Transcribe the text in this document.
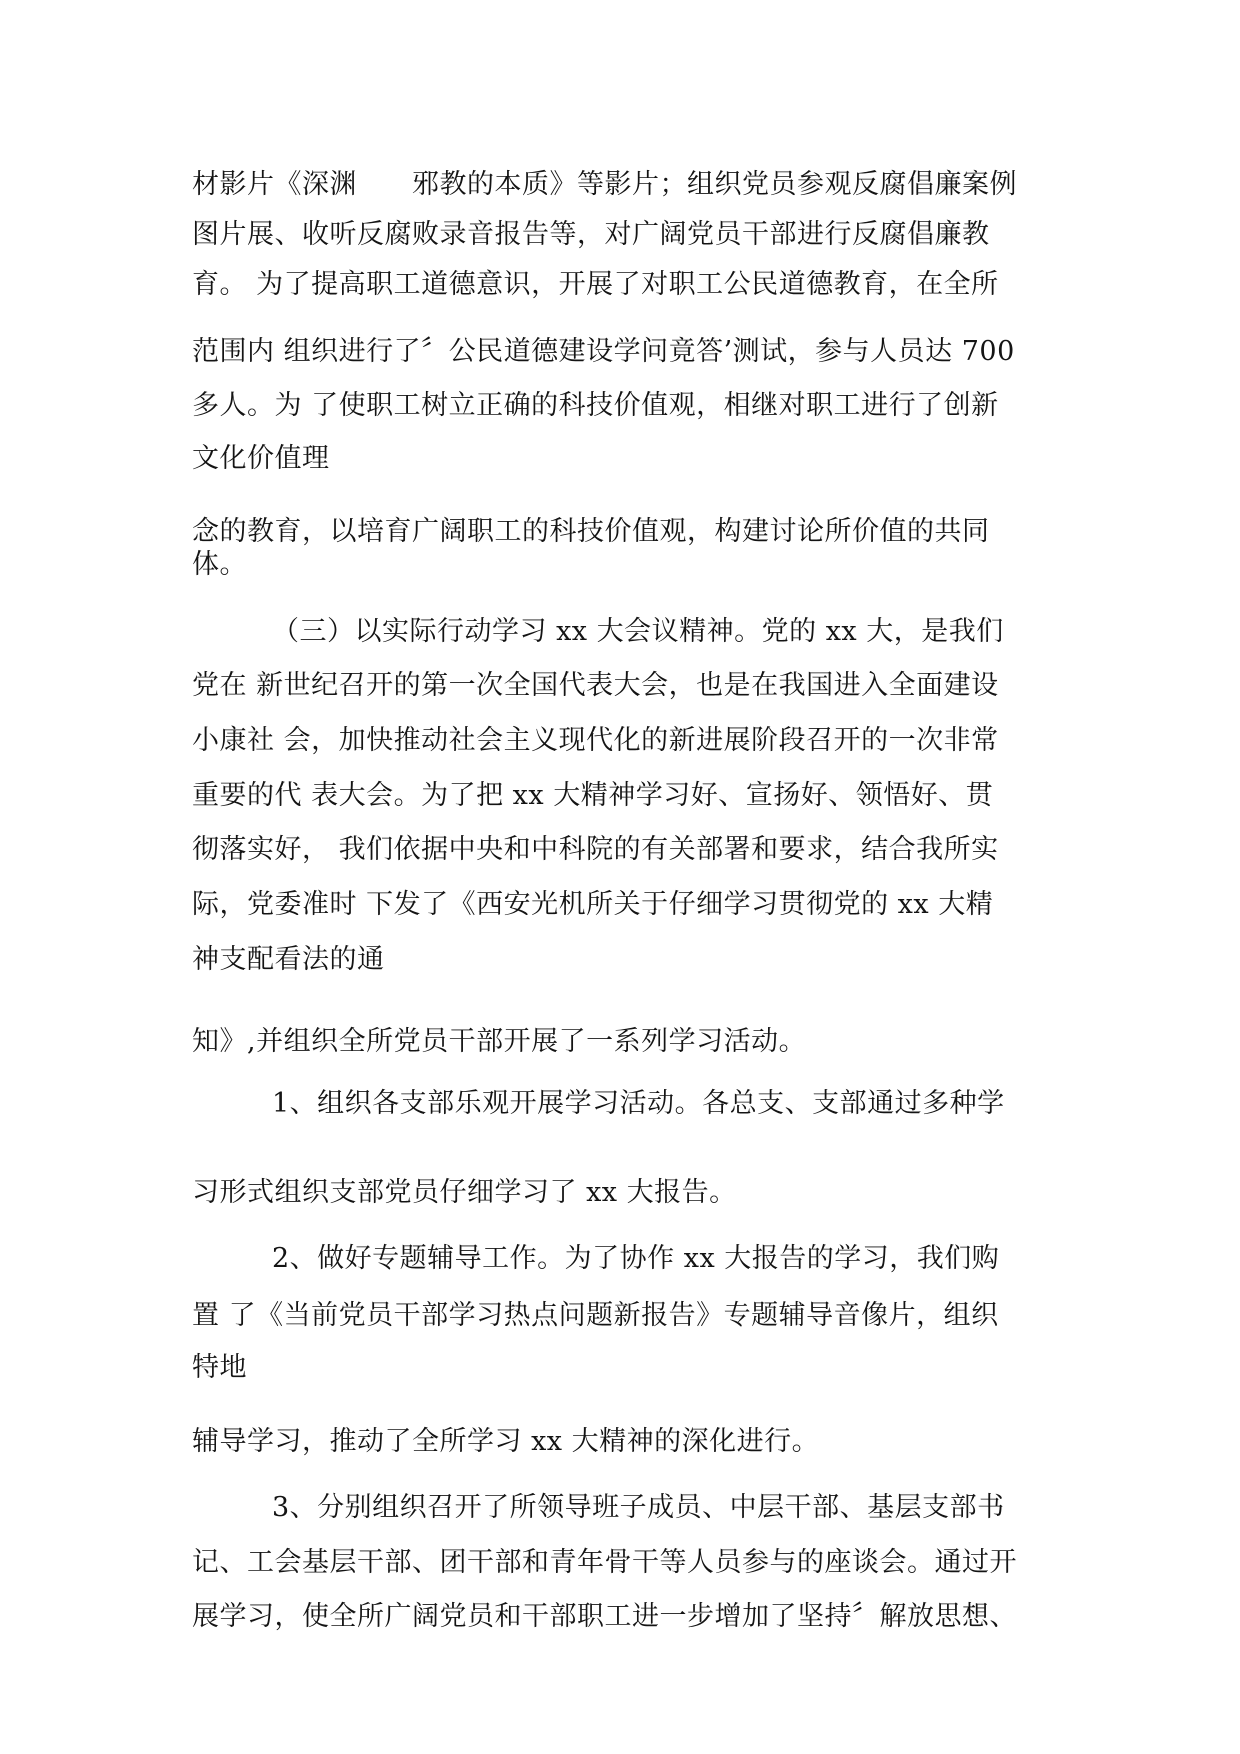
材影片《深渊　　邪教的本质》等影片；组织党员参观反腐倡廉案例
图片展、收听反腐败录音报告等，对广阔党员干部进行反腐倡廉教
育。 为了提高职工道德意识，开展了对职工公民道德教育，在全所
范围内 组织进行了〞公民道德建设学问竟答’测试，参与人员达 700
多人。为 了使职工树立正确的科技价值观，相继对职工进行了创新
文化价值理
念的教育，以培育广阔职工的科技价值观，构建讨论所价值的共同
体。
（三）以实际行动学习 xx 大会议精神。党的 xx 大，是我们
党在 新世纪召开的第一次全国代表大会，也是在我国进入全面建设
小康社 会，加快推动社会主义现代化的新进展阶段召开的一次非常
重要的代 表大会。为了把 xx 大精神学习好、宣扬好、领悟好、贯
彻落实好， 我们依据中央和中科院的有关部署和要求，结合我所实
际，党委准时 下发了《西安光机所关于仔细学习贯彻党的 xx 大精
神支配看法的通
知》,并组织全所党员干部开展了一系列学习活动。
1、组织各支部乐观开展学习活动。各总支、支部通过多种学
习形式组织支部党员仔细学习了 xx 大报告。
2、做好专题辅导工作。为了协作 xx 大报告的学习，我们购
置 了《当前党员干部学习热点问题新报告》专题辅导音像片，组织
特地
辅导学习，推动了全所学习 xx 大精神的深化进行。
3、分别组织召开了所领导班子成员、中层干部、基层支部书
记、工会基层干部、团干部和青年骨干等人员参与的座谈会。通过开
展学习，使全所广阔党员和干部职工进一步增加了坚持〞解放思想、
